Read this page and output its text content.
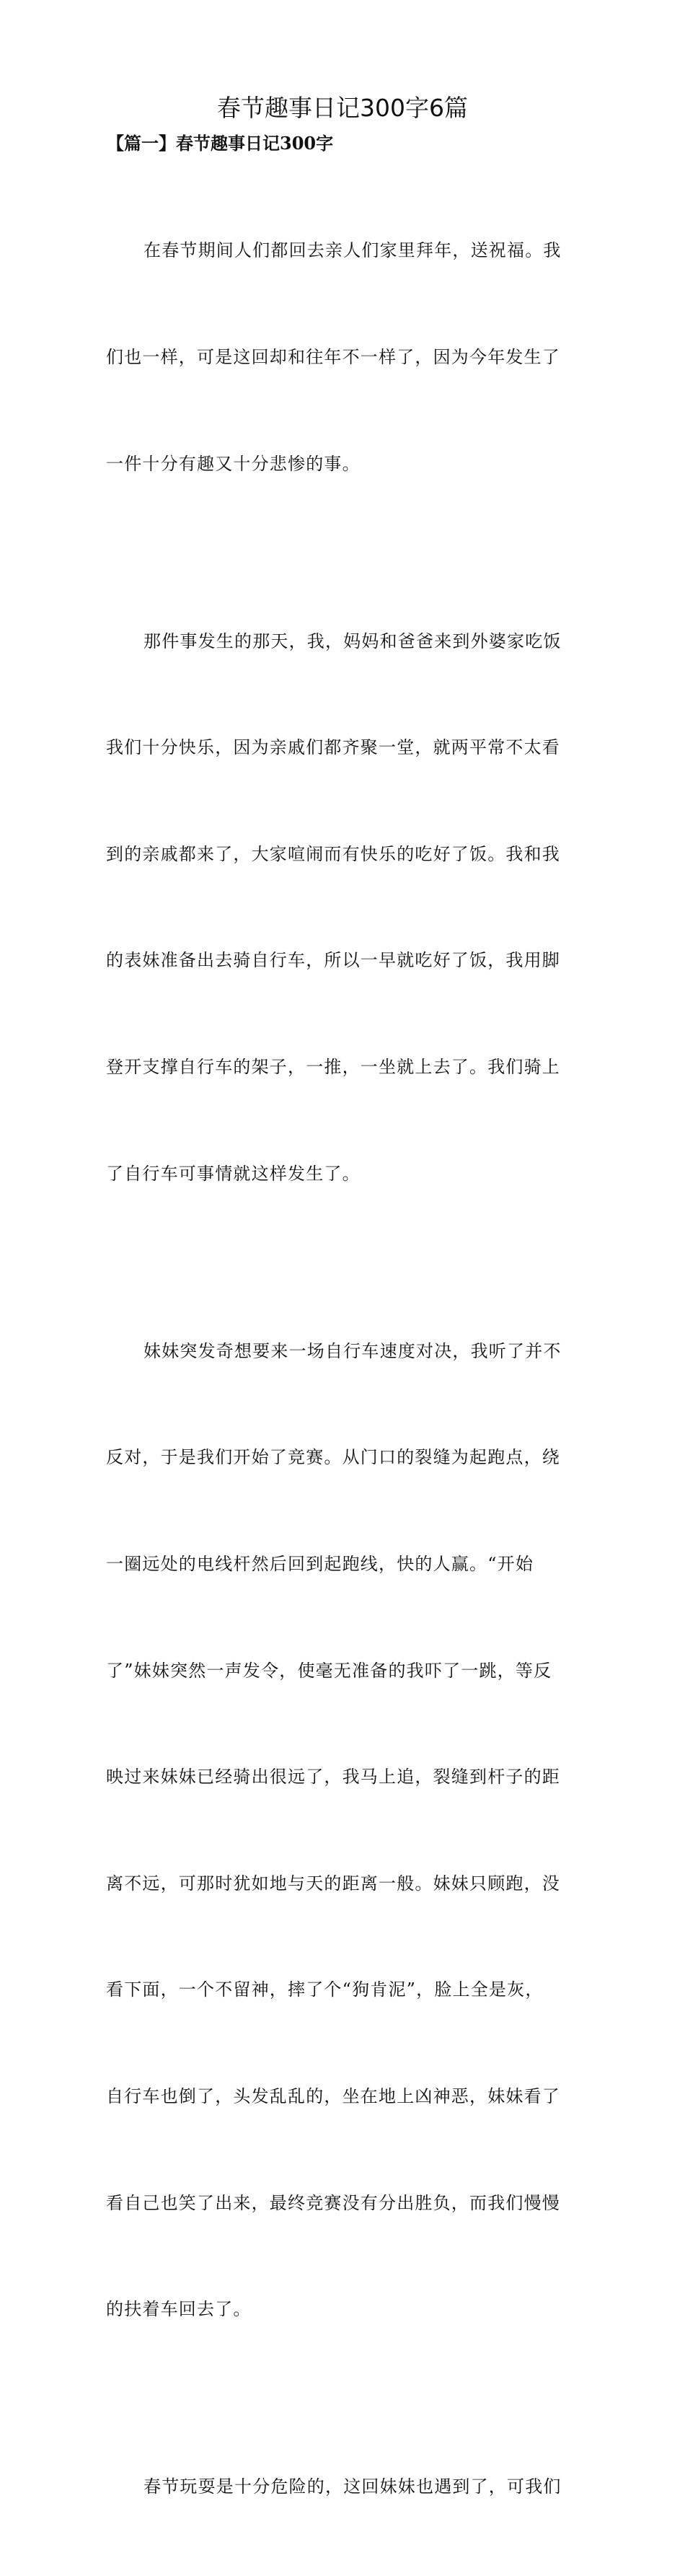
春节趣事日记300字6篇
【篇一】春节趣事日记300字

在春节期间人们都回去亲人们家里拜年，送祝福。我

们也一样，可是这回却和往年不一样了，因为今年发生了

一件十分有趣又十分悲惨的事。

那件事发生的那天，我，妈妈和爸爸来到外婆家吃饭

我们十分快乐，因为亲戚们都齐聚一堂，就两平常不太看

到的亲戚都来了，大家喧闹而有快乐的吃好了饭。我和我

的表妹准备出去骑自行车，所以一早就吃好了饭，我用脚

登开支撑自行车的架子，一推，一坐就上去了。我们骑上

了自行车可事情就这样发生了。

妹妹突发奇想要来一场自行车速度对决，我听了并不

反对，于是我们开始了竞赛。从门口的裂缝为起跑点，绕

一圈远处的电线杆然后回到起跑线，快的人赢。“开始

了”妹妹突然一声发令，使毫无准备的我吓了一跳，等反

映过来妹妹已经骑出很远了，我马上追，裂缝到杆子的距

离不远，可那时犹如地与天的距离一般。妹妹只顾跑，没

看下面，一个不留神，摔了个“狗肯泥”，脸上全是灰，

自行车也倒了，头发乱乱的，坐在地上凶神恶，妹妹看了

看自己也笑了出来，最终竞赛没有分出胜负，而我们慢慢

的扶着车回去了。

春节玩耍是十分危险的，这回妹妹也遇到了，可我们
